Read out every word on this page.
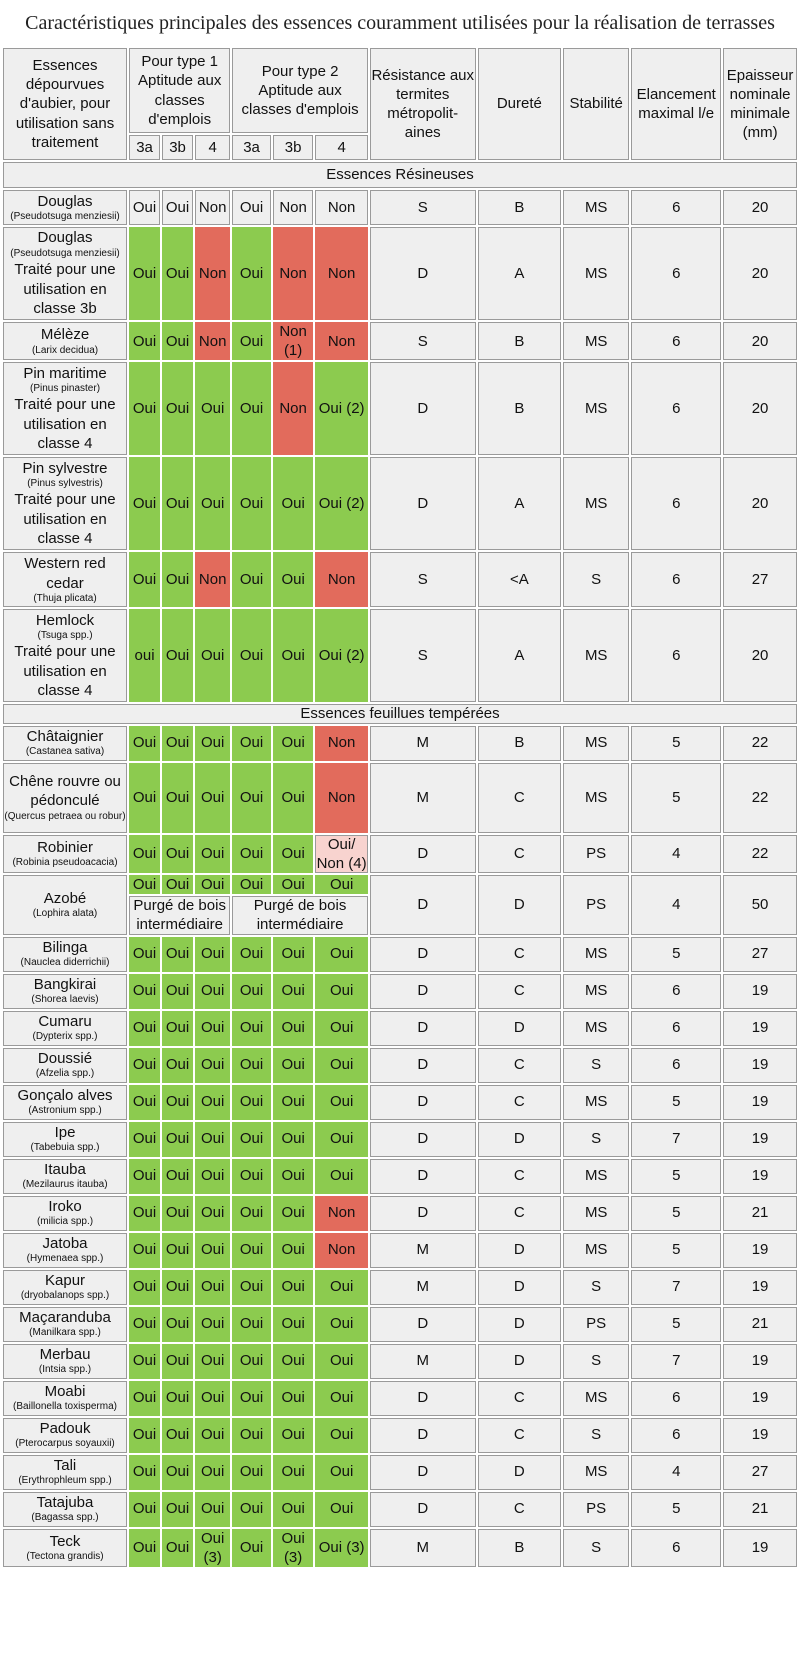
Caractéristiques principales des essences couramment utilisées pour la réalisation de terrasses
Essences dépourvues d'aubier, pour utilisation sans traitement	Pour type 1 Aptitude aux classes d'emplois			Pour type 2 Aptitude aux classes d'emplois			Résistance aux termites métropolit-aines	Dureté	Stabilité	Elancement maximal l/e	Epaisseur nominale minimale (mm)
	3a	3b	4	3a	3b	4					
Essences Résineuses											

Douglas
(Pseudotsuga menziesii)	Oui	Oui	Non	Oui	Non	Non	S	B	MS	6	20

Douglas
(Pseudotsuga menziesii)
Traité pour une utilisation en classe 3b	Oui	Oui	Non	Oui	Non	Non	D	A	MS	6	20

Mélèze
(Larix decidua)	Oui	Oui	Non	Oui	Non (1)	Non	S	B	MS	6	20

Pin maritime
(Pinus pinaster)
Traité pour une utilisation en classe 4	Oui	Oui	Oui	Oui	Non	Oui (2)	D	B	MS	6	20

Pin sylvestre
(Pinus sylvestris)
Traité pour une utilisation en classe 4	Oui	Oui	Oui	Oui	Oui	Oui (2)	D	A	MS	6	20

Western red cedar
(Thuja plicata)	Oui	Oui	Non	Oui	Oui	Non	S	<A	S	6	27

Hemlock
(Tsuga spp.)
Traité pour une utilisation en classe 4	oui	Oui	Oui	Oui	Oui	Oui (2)	S	A	MS	6	20
Essences feuillues tempérées											

Châtaignier
(Castanea sativa)	Oui	Oui	Oui	Oui	Oui	Non	M	B	MS	5	22

Chêne rouvre ou pédonculé
(Quercus petraea ou robur)	Oui	Oui	Oui	Oui	Oui	Non	M	C	MS	5	22

Robinier
(Robinia pseudoacacia)	Oui	Oui	Oui	Oui	Oui	Oui/ Non (4)	D	C	PS	4	22

Azobé
(Lophira alata)	Oui	Oui	Oui	Oui	Oui	Oui	D	D	PS	4	50
	Purgé de bois intermédiaire			Purgé de bois intermédiaire							

Bilinga
(Nauclea diderrichii)	Oui	Oui	Oui	Oui	Oui	Oui	D	C	MS	5	27

Bangkirai
(Shorea laevis)	Oui	Oui	Oui	Oui	Oui	Oui	D	C	MS	6	19

Cumaru
(Dypterix spp.)	Oui	Oui	Oui	Oui	Oui	Oui	D	D	MS	6	19

Doussié
(Afzelia spp.)	Oui	Oui	Oui	Oui	Oui	Oui	D	C	S	6	19

Gonçalo alves
(Astronium spp.)	Oui	Oui	Oui	Oui	Oui	Oui	D	C	MS	5	19

Ipe
(Tabebuia spp.)	Oui	Oui	Oui	Oui	Oui	Oui	D	D	S	7	19

Itauba
(Mezilaurus itauba)	Oui	Oui	Oui	Oui	Oui	Oui	D	C	MS	5	19

Iroko
(milicia spp.)	Oui	Oui	Oui	Oui	Oui	Non	D	C	MS	5	21

Jatoba
(Hymenaea spp.)	Oui	Oui	Oui	Oui	Oui	Non	M	D	MS	5	19

Kapur
(dryobalanops spp.)	Oui	Oui	Oui	Oui	Oui	Oui	M	D	S	7	19

Maçaranduba
(Manilkara spp.)	Oui	Oui	Oui	Oui	Oui	Oui	D	D	PS	5	21

Merbau
(Intsia spp.)	Oui	Oui	Oui	Oui	Oui	Oui	M	D	S	7	19

Moabi
(Baillonella toxisperma)	Oui	Oui	Oui	Oui	Oui	Oui	D	C	MS	6	19

Padouk
(Pterocarpus soyauxii)	Oui	Oui	Oui	Oui	Oui	Oui	D	C	S	6	19

Tali
(Erythrophleum spp.)	Oui	Oui	Oui	Oui	Oui	Oui	D	D	MS	4	27

Tatajuba
(Bagassa spp.)	Oui	Oui	Oui	Oui	Oui	Oui	D	C	PS	5	21

Teck
(Tectona grandis)	Oui	Oui	Oui (3)	Oui	Oui (3)	Oui (3)	M	B	S	6	19
